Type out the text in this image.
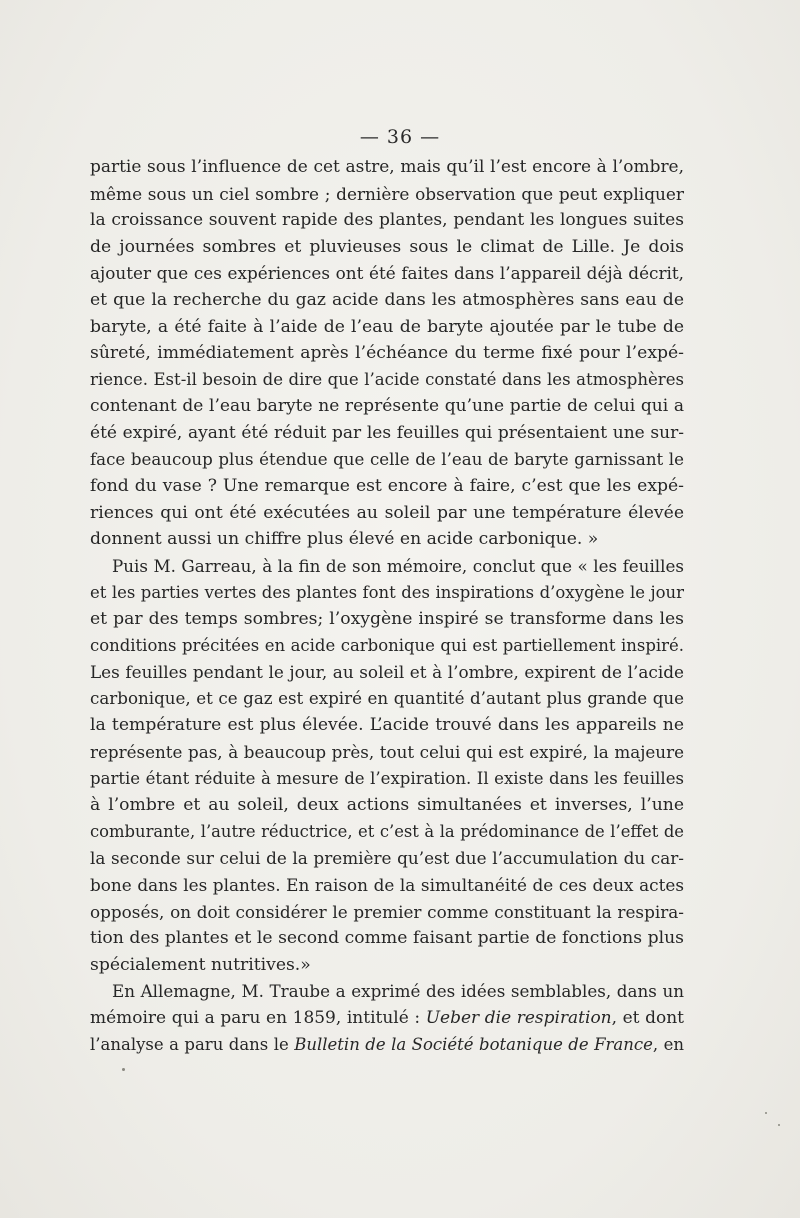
— 36 —
partie sous l’influence de cet astre, mais qu’il l’est encore à l’ombre,
même sous un ciel sombre ; dernière observation que peut expliquer
la croissance souvent rapide des plantes, pendant les longues suites
de journées sombres et pluvieuses sous le climat de Lille. Je dois
ajouter que ces expériences ont été faites dans l’appareil déjà décrit,
et que la recherche du gaz acide dans les atmosphères sans eau de
baryte, a été faite à l’aide de l’eau de baryte ajoutée par le tube de
sûreté, immédiatement après l’échéance du terme fixé pour l’expé-
rience. Est-il besoin de dire que l’acide constaté dans les atmosphères
contenant de l’eau baryte ne représente qu’une partie de celui qui a
été expiré, ayant été réduit par les feuilles qui présentaient une sur-
face beaucoup plus étendue que celle de l’eau de baryte garnissant le
fond du vase ? Une remarque est encore à faire, c’est que les expé-
riences qui ont été exécutées au soleil par une température élevée
donnent aussi un chiffre plus élevé en acide carbonique. »
Puis M. Garreau, à la fin de son mémoire, conclut que « les feuilles
et les parties vertes des plantes font des inspirations d’oxygène le jour
et par des temps sombres; l’oxygène inspiré se transforme dans les
conditions précitées en acide carbonique qui est partiellement inspiré.
Les feuilles pendant le jour, au soleil et à l’ombre, expirent de l’acide
carbonique, et ce gaz est expiré en quantité d’autant plus grande que
la température est plus élevée. L’acide trouvé dans les appareils ne
représente pas, à beaucoup près, tout celui qui est expiré, la majeure
partie étant réduite à mesure de l’expiration. Il existe dans les feuilles
à l’ombre et au soleil, deux actions simultanées et inverses, l’une
comburante, l’autre réductrice, et c’est à la prédominance de l’effet de
la seconde sur celui de la première qu’est due l’accumulation du car-
bone dans les plantes. En raison de la simultanéité de ces deux actes
opposés, on doit considérer le premier comme constituant la respira-
tion des plantes et le second comme faisant partie de fonctions plus
spécialement nutritives.»
En Allemagne, M. Traube a exprimé des idées semblables, dans un
mémoire qui a paru en 1859, intitulé : Ueber die respiration, et dont
l’analyse a paru dans le Bulletin de la Société botanique de France, en
